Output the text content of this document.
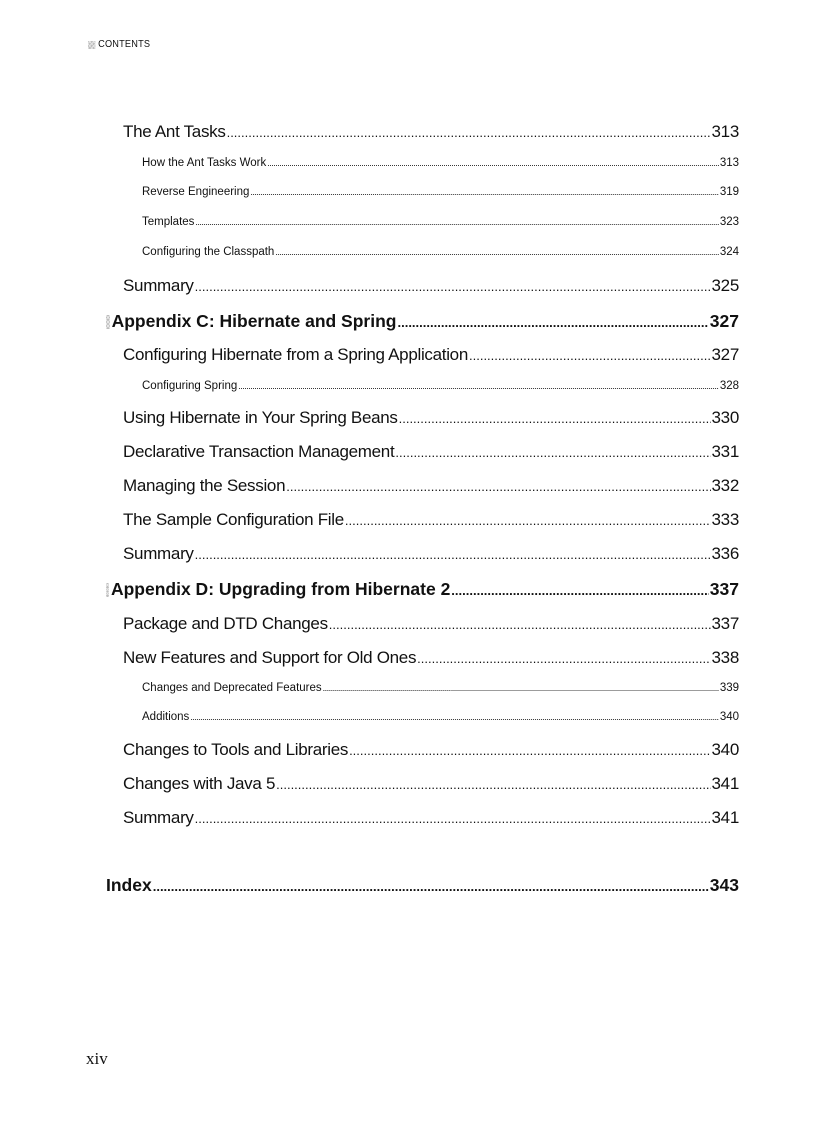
CONTENTS
The Ant Tasks .....	313
How the Ant Tasks Work .....	313
Reverse Engineering .....	319
Templates .....	323
Configuring the Classpath .....	324
Summary .....	325
Appendix C: Hibernate and Spring .....	327
Configuring Hibernate from a Spring Application .....	327
Configuring Spring .....	328
Using Hibernate in Your Spring Beans .....	330
Declarative Transaction Management .....	331
Managing the Session .....	332
The Sample Configuration File .....	333
Summary .....	336
Appendix D: Upgrading from Hibernate 2 .....	337
Package and DTD Changes .....	337
New Features and Support for Old Ones .....	338
Changes and Deprecated Features .....	339
Additions .....	340
Changes to Tools and Libraries .....	340
Changes with Java 5 .....	341
Summary .....	341
Index .....	343
xiv
